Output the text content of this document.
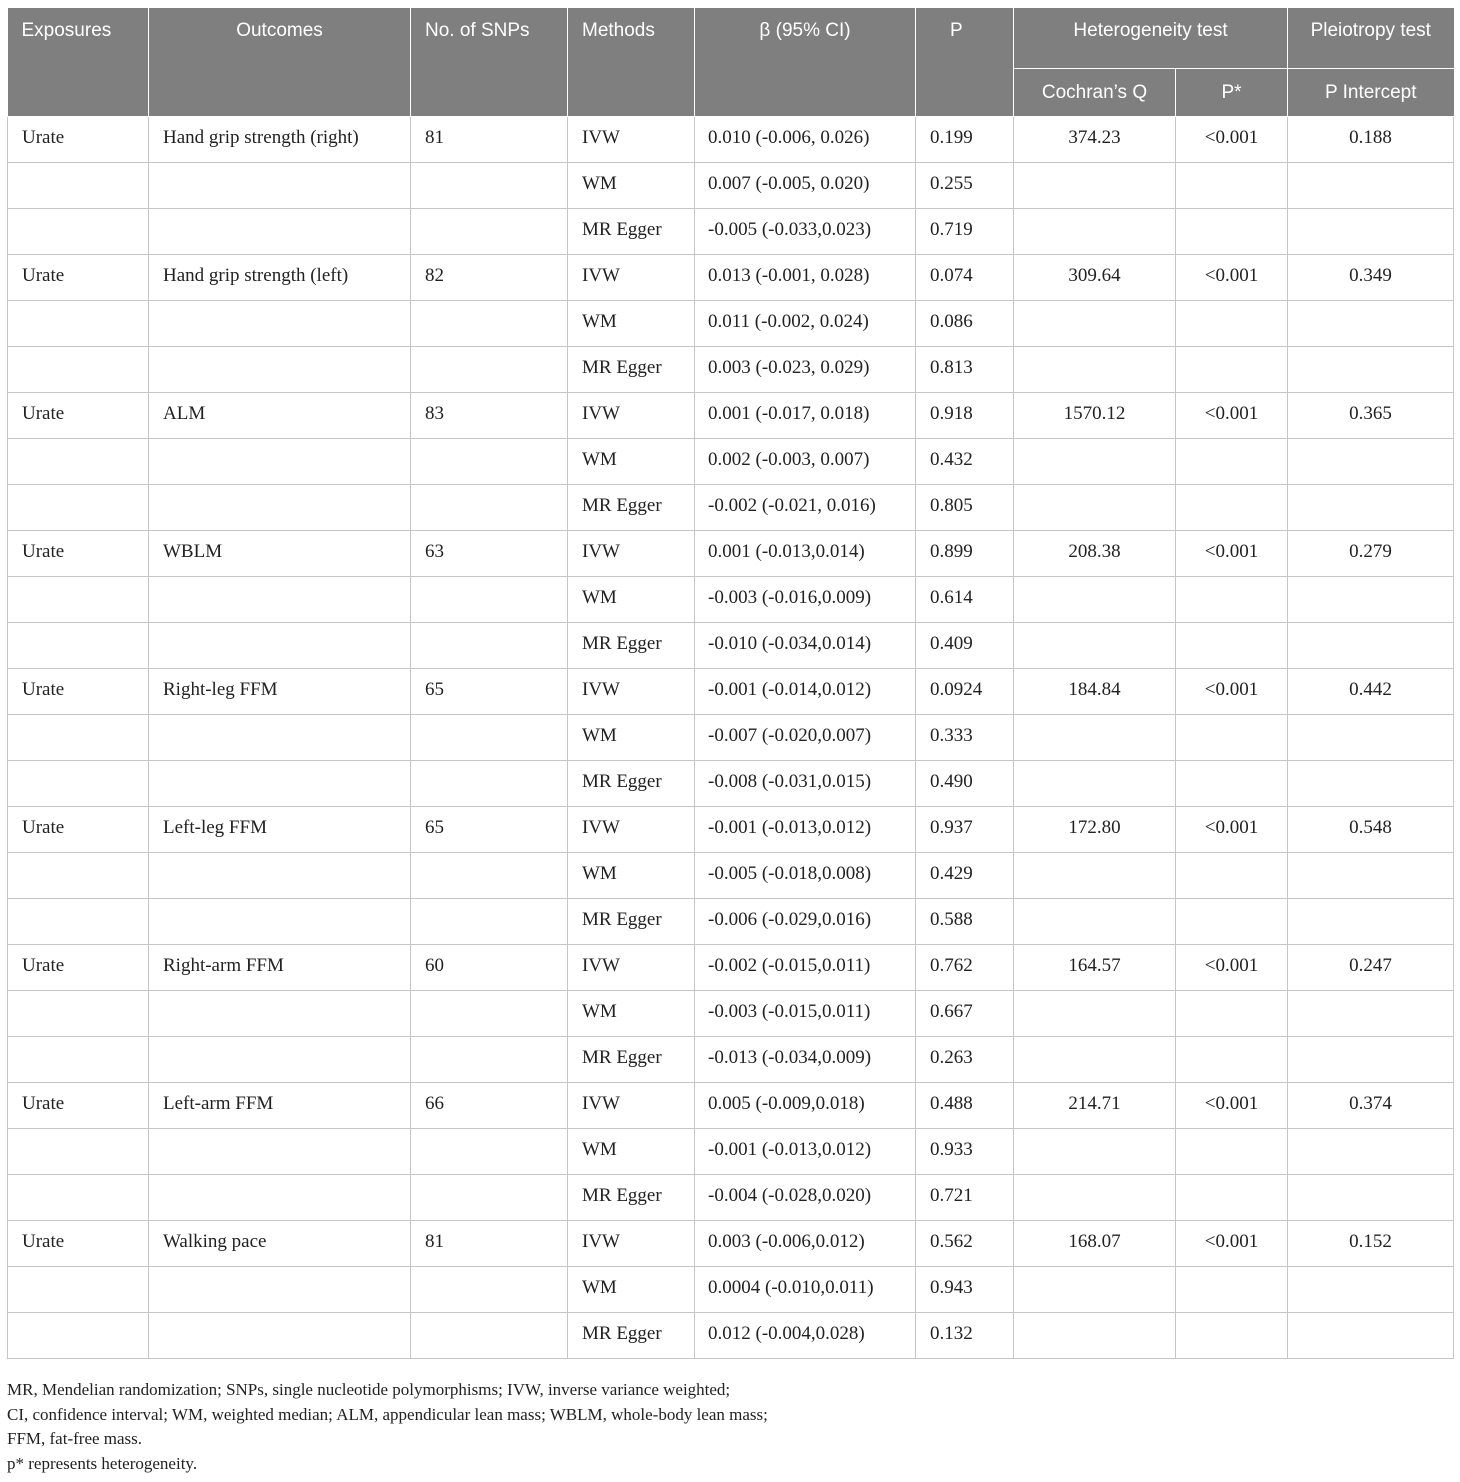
Exposures	Outcomes	No. of SNPs	Methods	β (95% CI)	P	Heterogeneity test		Pleiotropy test
						Cochran’s Q	P*	P Intercept
Urate	Hand grip strength (right)	81	IVW	0.010 (-0.006, 0.026)	0.199	374.23	<0.001	0.188
			WM	0.007 (-0.005, 0.020)	0.255			
			MR Egger	-0.005 (-0.033,0.023)	0.719			
Urate	Hand grip strength (left)	82	IVW	0.013 (-0.001, 0.028)	0.074	309.64	<0.001	0.349
			WM	0.011 (-0.002, 0.024)	0.086			
			MR Egger	0.003 (-0.023, 0.029)	0.813			
Urate	ALM	83	IVW	0.001 (-0.017, 0.018)	0.918	1570.12	<0.001	0.365
			WM	0.002 (-0.003, 0.007)	0.432			
			MR Egger	-0.002 (-0.021, 0.016)	0.805			
Urate	WBLM	63	IVW	0.001 (-0.013,0.014)	0.899	208.38	<0.001	0.279
			WM	-0.003 (-0.016,0.009)	0.614			
			MR Egger	-0.010 (-0.034,0.014)	0.409			
Urate	Right-leg FFM	65	IVW	-0.001 (-0.014,0.012)	0.0924	184.84	<0.001	0.442
			WM	-0.007 (-0.020,0.007)	0.333			
			MR Egger	-0.008 (-0.031,0.015)	0.490			
Urate	Left-leg FFM	65	IVW	-0.001 (-0.013,0.012)	0.937	172.80	<0.001	0.548
			WM	-0.005 (-0.018,0.008)	0.429			
			MR Egger	-0.006 (-0.029,0.016)	0.588			
Urate	Right-arm FFM	60	IVW	-0.002 (-0.015,0.011)	0.762	164.57	<0.001	0.247
			WM	-0.003 (-0.015,0.011)	0.667			
			MR Egger	-0.013 (-0.034,0.009)	0.263			
Urate	Left-arm FFM	66	IVW	0.005 (-0.009,0.018)	0.488	214.71	<0.001	0.374
			WM	-0.001 (-0.013,0.012)	0.933			
			MR Egger	-0.004 (-0.028,0.020)	0.721			
Urate	Walking pace	81	IVW	0.003 (-0.006,0.012)	0.562	168.07	<0.001	0.152
			WM	0.0004 (-0.010,0.011)	0.943			
			MR Egger	0.012 (-0.004,0.028)	0.132			
MR, Mendelian randomization; SNPs, single nucleotide polymorphisms; IVW, inverse variance weighted;
CI, confidence interval; WM, weighted median; ALM, appendicular lean mass; WBLM, whole-body lean mass;
FFM, fat-free mass.
p* represents heterogeneity.
